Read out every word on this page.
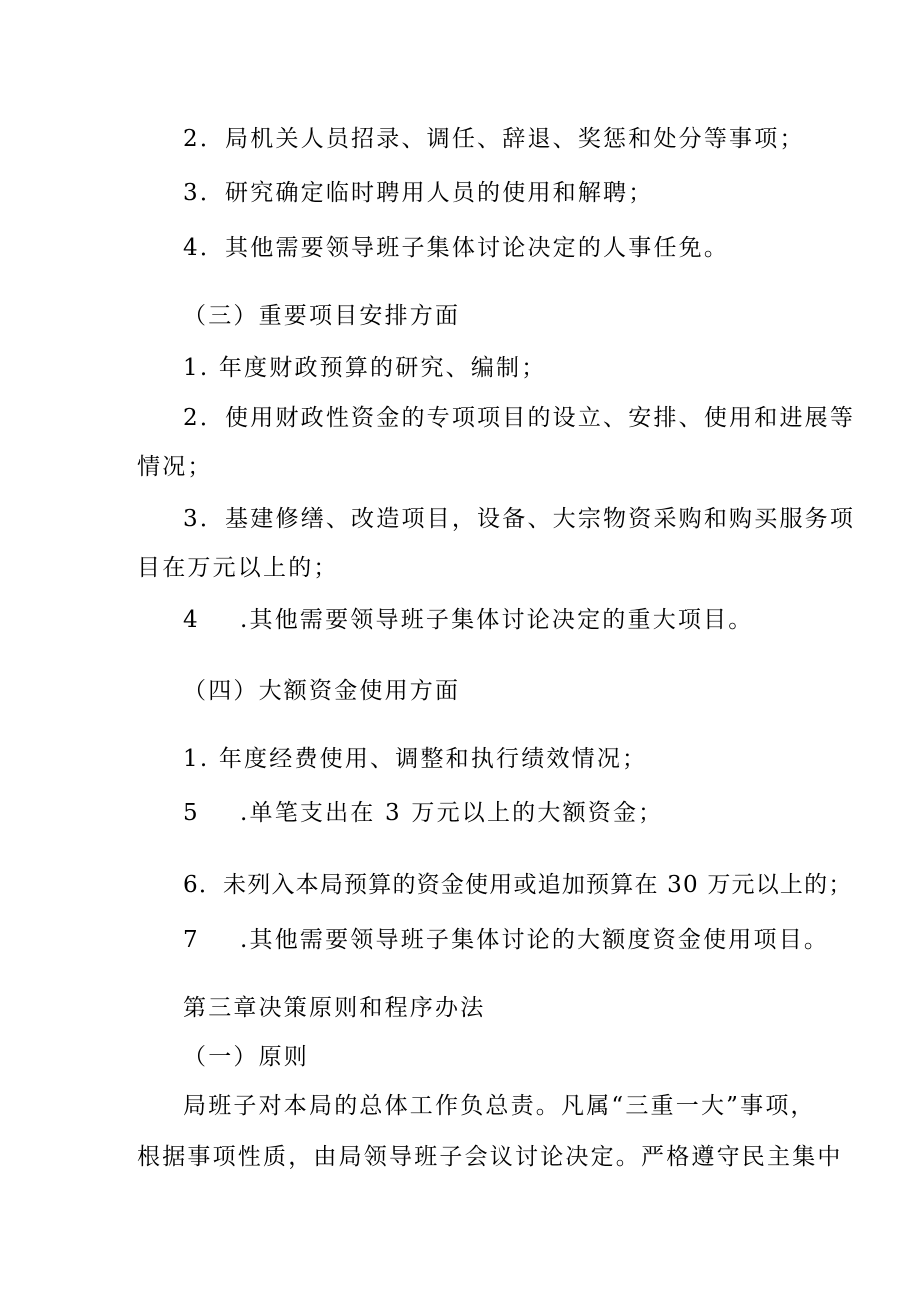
2．局机关人员招录、调任、辞退、奖惩和处分等事项；
3．研究确定临时聘用人员的使用和解聘；
4．其他需要领导班子集体讨论决定的人事任免。
（三）重要项目安排方面
1. 年度财政预算的研究、编制；
2．使用财政性资金的专项项目的设立、安排、使用和进展等
情况；
3．基建修缮、改造项目，设备、大宗物资采购和购买服务项
目在万元以上的；
4 .其他需要领导班子集体讨论决定的重大项目。
（四）大额资金使用方面
1. 年度经费使用、调整和执行绩效情况；
5 .单笔支出在 3 万元以上的大额资金；
6．未列入本局预算的资金使用或追加预算在 30 万元以上的；
7 .其他需要领导班子集体讨论的大额度资金使用项目。
第三章决策原则和程序办法
（一）原则
局班子对本局的总体工作负总责。凡属“三重一大”事项，
根据事项性质，由局领导班子会议讨论决定。严格遵守民主集中
